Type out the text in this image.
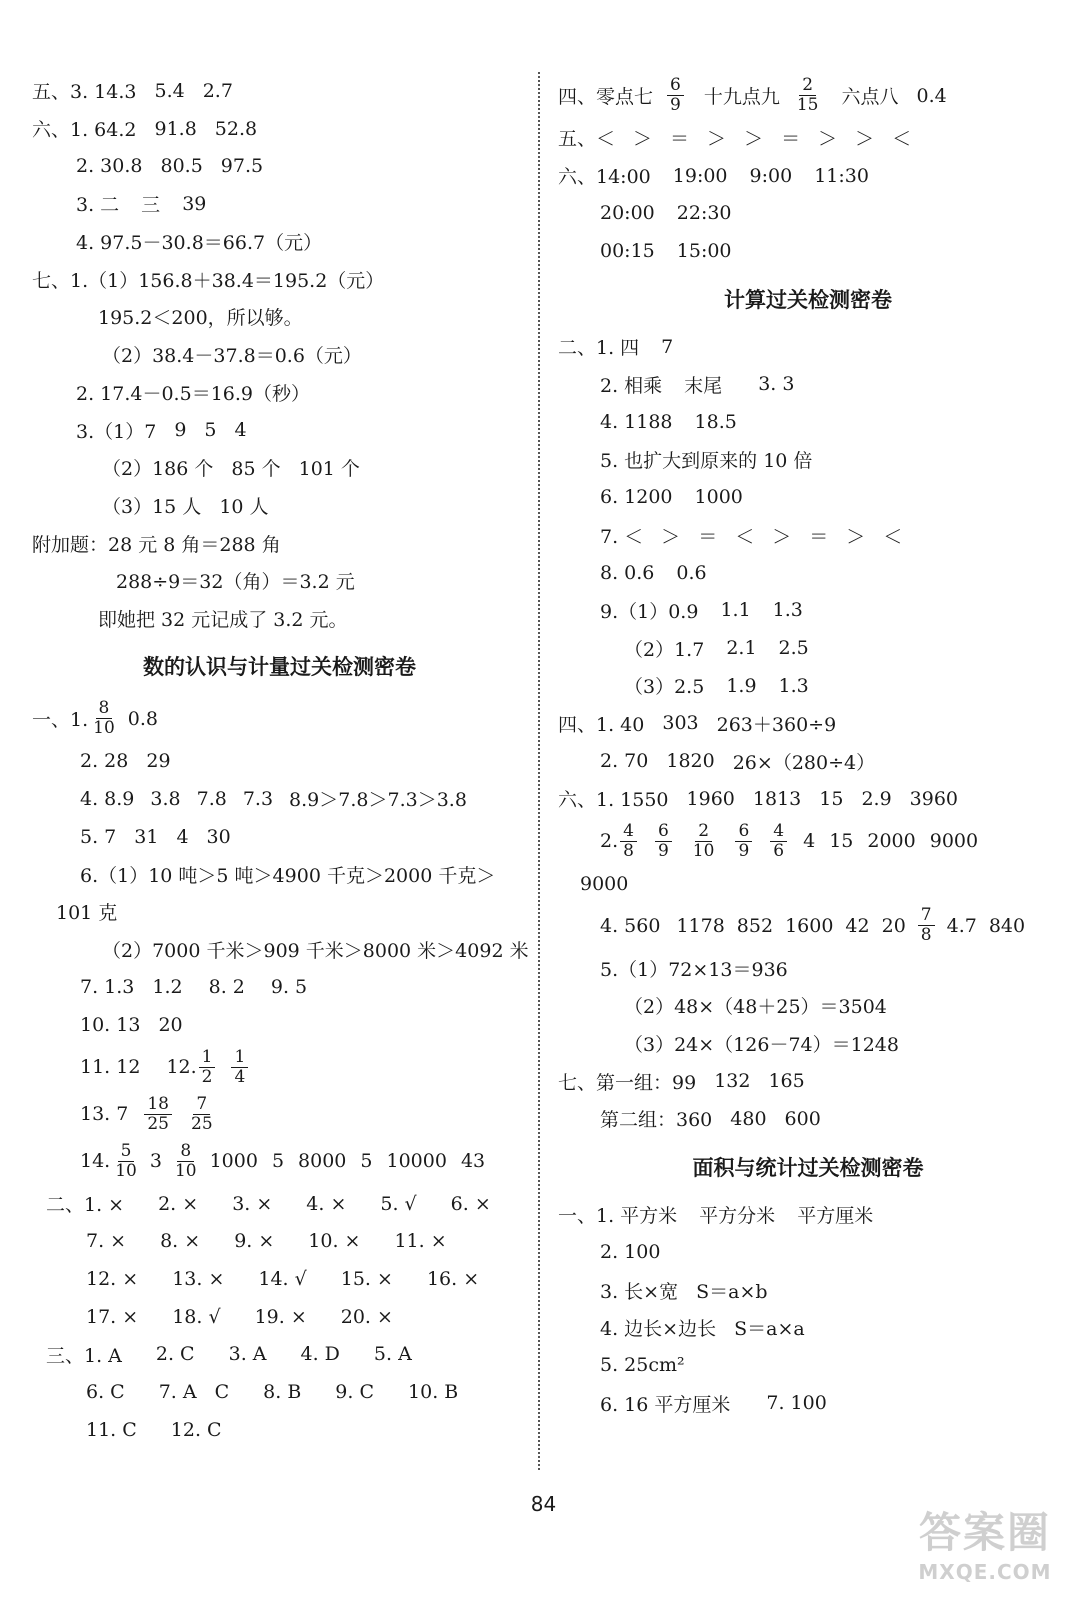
五、3. 14.3 5.4 2.7
六、1. 64.2 91.8 52.8
2. 30.8 80.5 97.5
3. 二 三 39
4. 97.5－30.8＝66.7（元）
七、1.（1）156.8＋38.4＝195.2（元）
195.2＜200，所以够。
（2）38.4－37.8＝0.6（元）
2. 17.4－0.5＝16.9（秒）
3.（1）7 9 5 4
（2）186 个 85 个 101 个
（3）15 人 10 人
附加题：28 元 8 角＝288 角
288÷9＝32（角）＝3.2 元
即她把 32 元记成了 3.2 元。
数的认识与计量过关检测密卷
一、1. $\frac{8}{10} 0.8$
2. 28 29
4. 8.9 3.8 7.8 7.3 8.9＞7.8＞7.3＞3.8
5. 7 31 4 30
6.（1）10 吨＞5 吨＞4900 千克＞2000 千克＞
101 克
（2）7000 千米＞909 千米＞8000 米＞4092 米
7. 1.3 1.2 8. 2 9. 5
10. 13 20
11. 12 12. $\frac{1}{2} \frac{1}{4}$
13. $7 \frac{18}{25} \frac{7}{25}$
14. $\frac{5}{10} 3 \frac{8}{10} 1000$ 5 8000 5 10000 43
二、1. × 2. × 3. × 4. × 5. √ 6. ×
7. × 8. × 9. × 10. × 11. ×
12. × 13. × 14. √ 15. × 16. ×
17. × 18. √ 19. × 20. ×
三、1. A 2. C 3. A 4. D 5. A
6. C 7. A C 8. B 9. C 10. B
11. C 12. C
四、零点七 $\frac{6}{9}$ 十九点九 $\frac{2}{15}$ 六点八 0.4
五、＜ ＞ ＝ ＞ ＞ ＝ ＞ ＞ ＜
六、14:00 19:00 9:00 11:30
20:00 22:30
00:15 15:00
计算过关检测密卷
二、1. 四 7
2. 相乘 末尾 3. 3
4. 1188 18.5
5. 也扩大到原来的 10 倍
6. 1200 1000
7. ＜ ＞ ＝ ＜ ＞ ＝ ＞ ＜
8. 0.6 0.6
9.（1）0.9 1.1 1.3
（2）1.7 2.1 2.5
（3）2.5 1.9 1.3
四、1. 40 303 263＋360÷9
2. 70 1820 26×（280÷4）
六、1. 1550 1960 1813 15 2.9 3960
2. $\frac{4}{8} \frac{6}{9} \frac{2}{10} \frac{6}{9} \frac{4}{6} 4$ 15 2000 9000
9000
4. 560 1178 852 1600 42 $20 \frac{7}{8} 4.7$ 840
5.（1）72×13＝936
（2）48×（48＋25）＝3504
（3）24×（126－74）＝1248
七、第一组：99 132 165
第二组：360 480 600
面积与统计过关检测密卷
一、1. 平方米 平方分米 平方厘米
2. 100
3. 长×宽 S＝a×b
4. 边长×边长 S＝a×a
5. 25cm²
6. 16 平方厘米 7. 100
84
答案圈
MXQE.COM
